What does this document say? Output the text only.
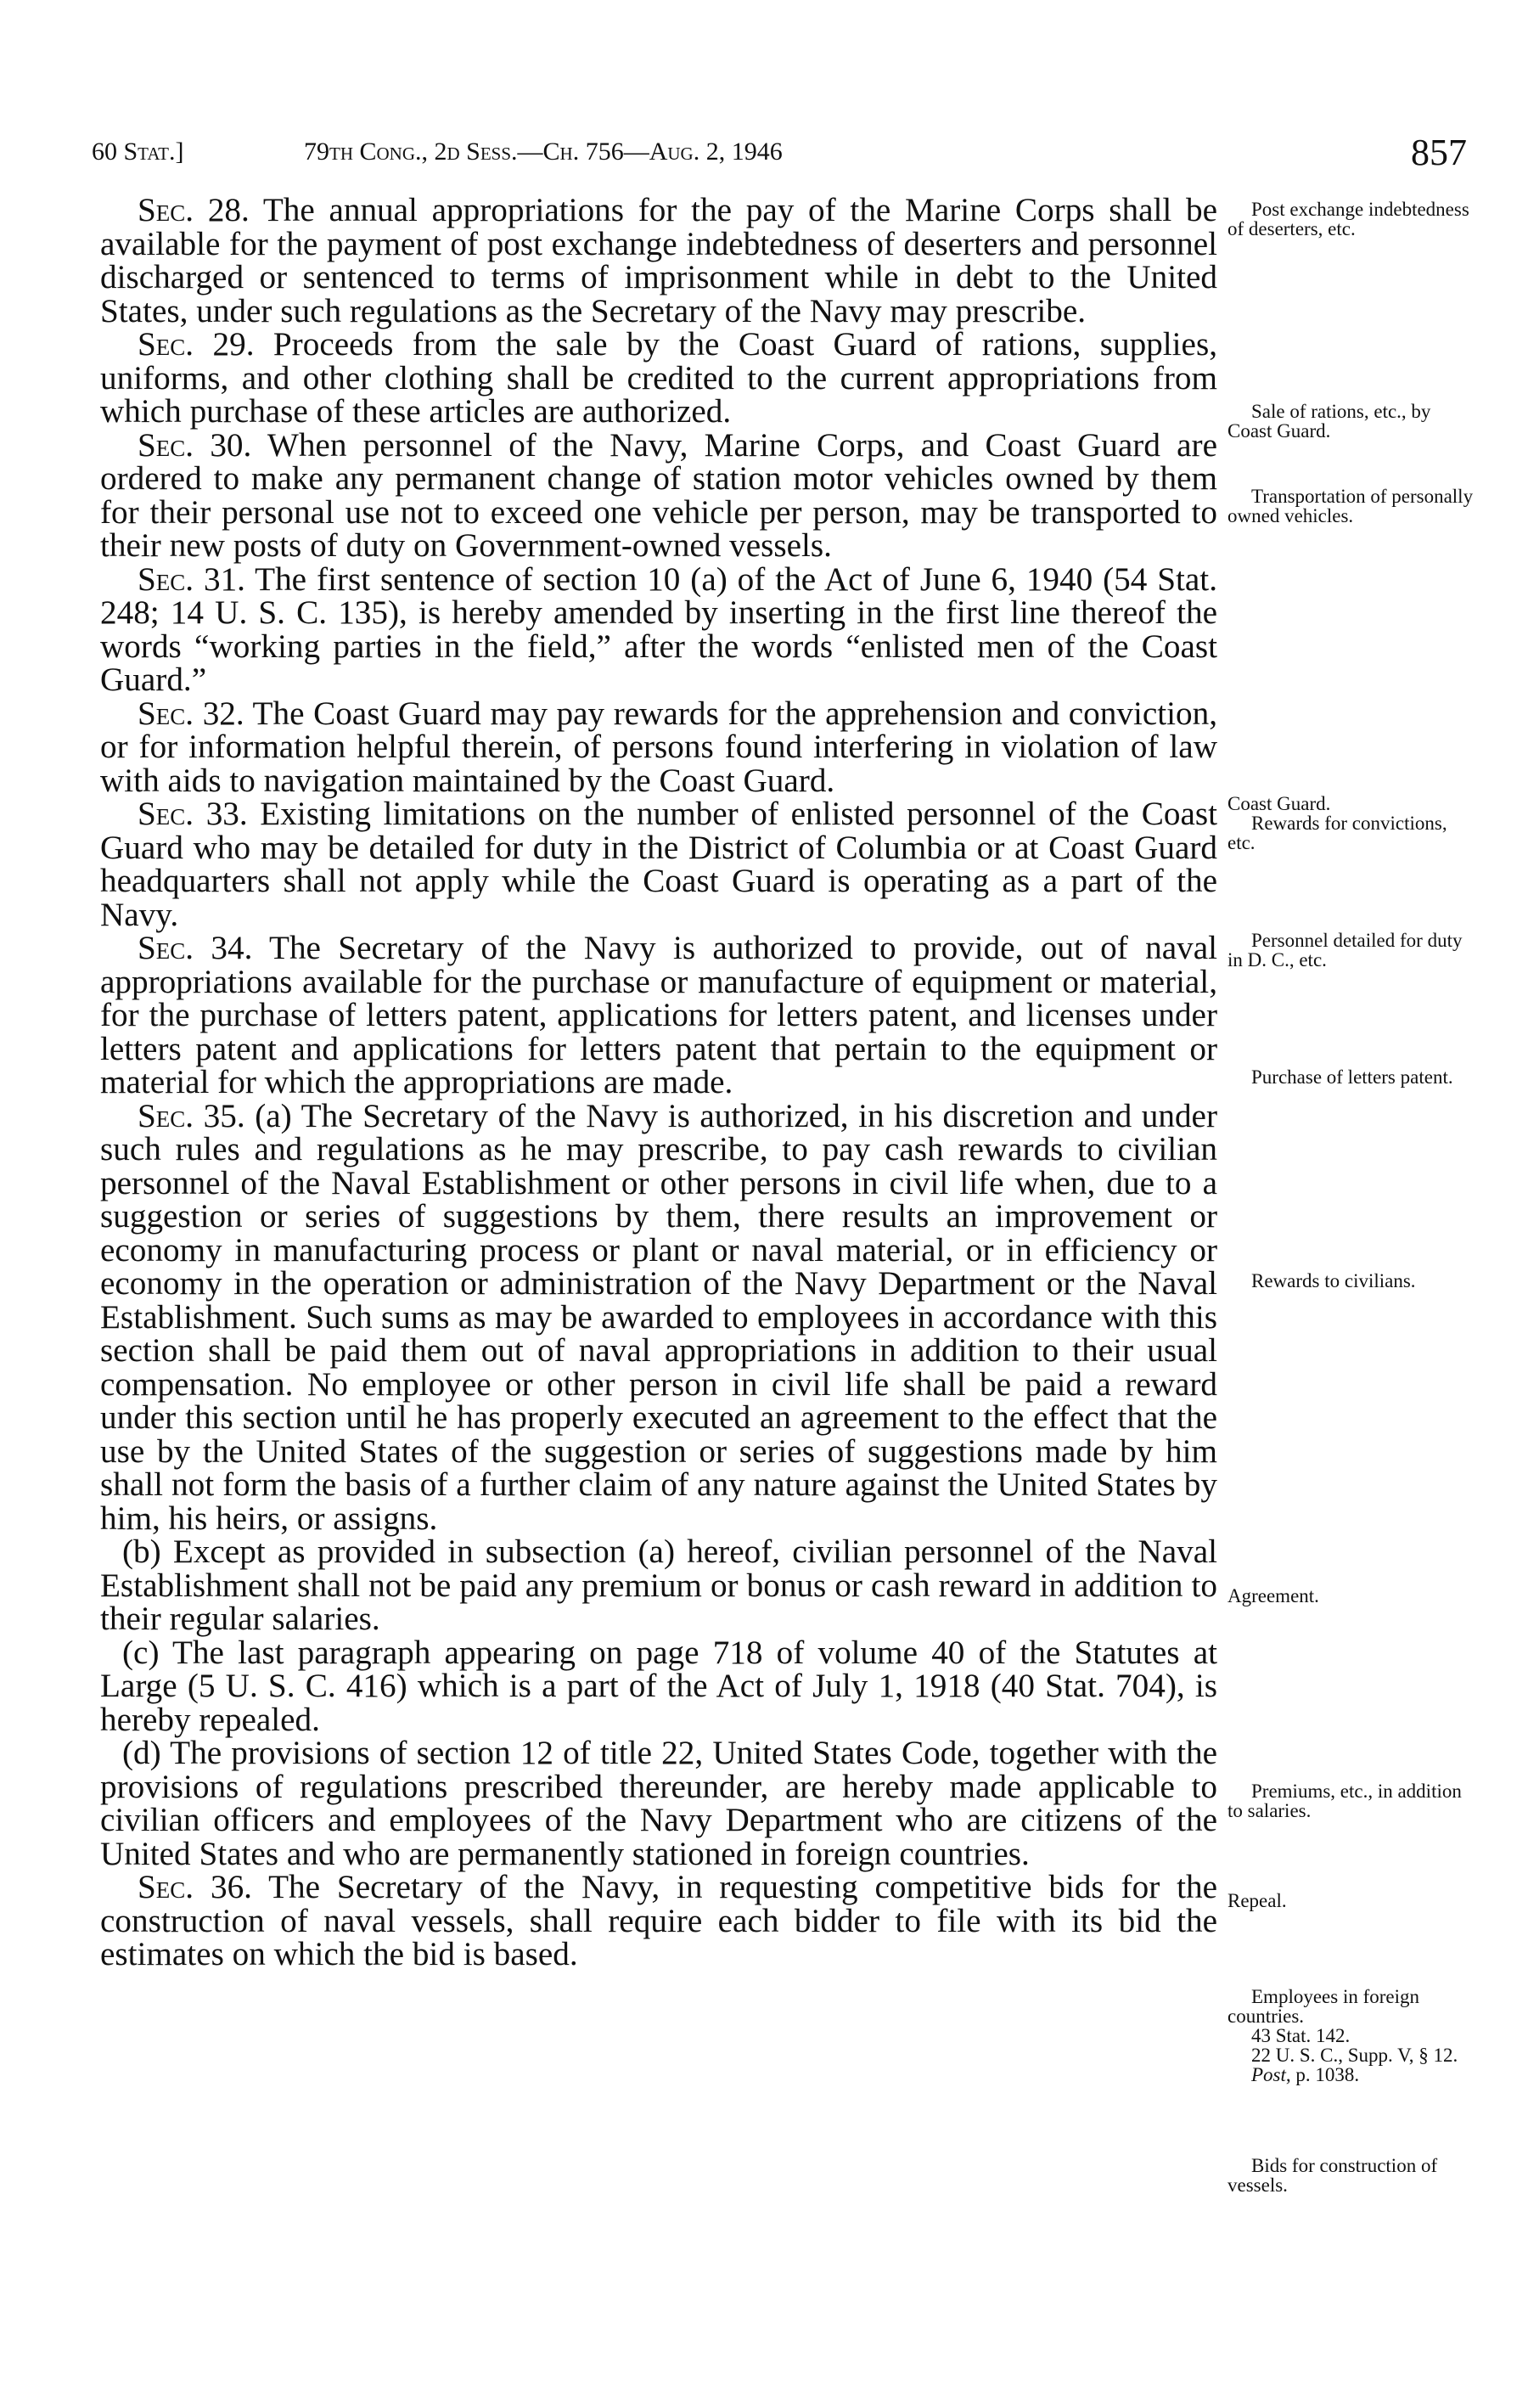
60 Stat.]	79th Cong., 2d Sess.—Ch. 756—Aug. 2, 1946	857

Sec. 28. The annual appropriations for the pay of the Marine Corps shall be available for the payment of post exchange indebtedness of deserters and personnel discharged or sentenced to terms of imprisonment while in debt to the United States, under such regulations as the Secretary of the Navy may prescribe.

Sec. 29. Proceeds from the sale by the Coast Guard of rations, supplies, uniforms, and other clothing shall be credited to the current appropriations from which purchase of these articles are authorized.

Sec. 30. When personnel of the Navy, Marine Corps, and Coast Guard are ordered to make any permanent change of station motor vehicles owned by them for their personal use not to exceed one vehicle per person, may be transported to their new posts of duty on Government-owned vessels.

Sec. 31. The first sentence of section 10 (a) of the Act of June 6, 1940 (54 Stat. 248; 14 U. S. C. 135), is hereby amended by inserting in the first line thereof the words “working parties in the field,” after the words “enlisted men of the Coast Guard.”

Sec. 32. The Coast Guard may pay rewards for the apprehension and conviction, or for information helpful therein, of persons found interfering in violation of law with aids to navigation maintained by the Coast Guard.

Sec. 33. Existing limitations on the number of enlisted personnel of the Coast Guard who may be detailed for duty in the District of Columbia or at Coast Guard headquarters shall not apply while the Coast Guard is operating as a part of the Navy.

Sec. 34. The Secretary of the Navy is authorized to provide, out of naval appropriations available for the purchase or manufacture of equipment or material, for the purchase of letters patent, applications for letters patent, and licenses under letters patent and applications for letters patent that pertain to the equipment or material for which the appropriations are made.

Sec. 35. (a) The Secretary of the Navy is authorized, in his discretion and under such rules and regulations as he may prescribe, to pay cash rewards to civilian personnel of the Naval Establishment or other persons in civil life when, due to a suggestion or series of suggestions by them, there results an improvement or economy in manufacturing process or plant or naval material, or in efficiency or economy in the operation or administration of the Navy Department or the Naval Establishment. Such sums as may be awarded to employees in accordance with this section shall be paid them out of naval appropriations in addition to their usual compensation. No employee or other person in civil life shall be paid a reward under this section until he has properly executed an agreement to the effect that the use by the United States of the suggestion or series of suggestions made by him shall not form the basis of a further claim of any nature against the United States by him, his heirs, or assigns.

(b) Except as provided in subsection (a) hereof, civilian personnel of the Naval Establishment shall not be paid any premium or bonus or cash reward in addition to their regular salaries.

(c) The last paragraph appearing on page 718 of volume 40 of the Statutes at Large (5 U. S. C. 416) which is a part of the Act of July 1, 1918 (40 Stat. 704), is hereby repealed.

(d) The provisions of section 12 of title 22, United States Code, together with the provisions of regulations prescribed thereunder, are hereby made applicable to civilian officers and employees of the Navy Department who are citizens of the United States and who are permanently stationed in foreign countries.

Sec. 36. The Secretary of the Navy, in requesting competitive bids for the construction of naval vessels, shall require each bidder to file with its bid the estimates on which the bid is based.

Post exchange indebtedness of deserters, etc.
Sale of rations, etc., by Coast Guard.
Transportation of personally owned vehicles.
Coast Guard.
Rewards for convictions, etc.
Personnel detailed for duty in D. C., etc.
Purchase of letters patent.
Rewards to civilians.
Agreement.
Premiums, etc., in addition to salaries.
Repeal.
Employees in foreign countries.
43 Stat. 142.
22 U. S. C., Supp. V, § 12.
Post, p. 1038.
Bids for construction of vessels.
